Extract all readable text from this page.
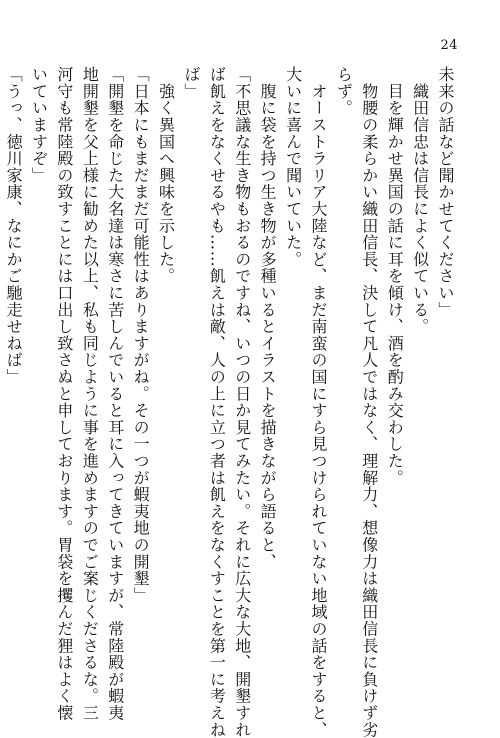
24
未来の話など聞かせてください」
　織田信忠は信長によく似ている。
　目を輝かせ異国の話に耳を傾け、酒を酌み交わした。
　物腰の柔らかい織田信長、決して凡人ではなく、理解力、想像力は織田信長に負けず劣
らず。
　オーストラリア大陸など、まだ南蛮の国にすら見つけられていない地域の話をすると、
大いに喜んで聞いていた。
　腹に袋を持つ生き物が多種いるとイラストを描きながら語ると、
「不思議な生き物もおるのですね、いつの日か見てみたい。それに広大な大地、開墾すれ
ば飢えをなくせるやも……飢えは敵、人の上に立つ者は飢えをなくすことを第一に考えね
ば」
　強く異国へ興味を示した。
「日本にもまだまだ可能性はありますがね。その一つが蝦夷地の開墾」
「開墾を命じた大名達は寒さに苦しんでいると耳に入ってきていますが、常陸殿が蝦夷
地開墾を父上様に勧めた以上、私も同じように事を進めますのでご案じくださるな。三
河守も常陸殿の致すことには口出し致さぬと申しております。胃袋を攫んだ狸はよく懐
いていますぞ」
「うっ、徳川家康、なにかご馳走せねば」
